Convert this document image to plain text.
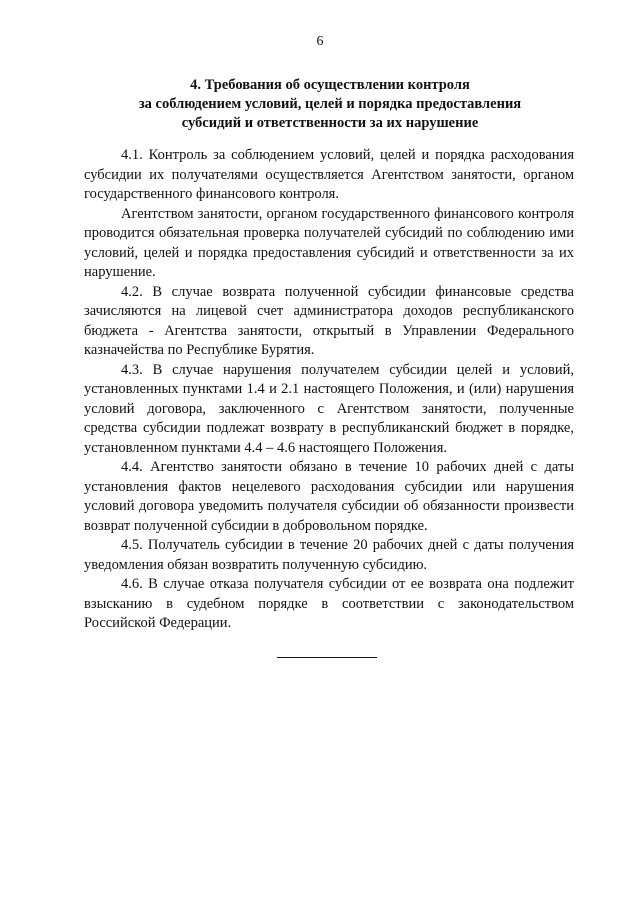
6
4. Требования об осуществлении контроля
за соблюдением условий, целей и порядка предоставления
субсидий и ответственности за их нарушение

4.1. Контроль за соблюдением условий, целей и порядка расходования субсидии их получателями осуществляется Агентством занятости, органом государственного финансового контроля.

Агентством занятости, органом государственного финансового контроля проводится обязательная проверка получателей субсидий по соблюдению ими условий, целей и порядка предоставления субсидий и ответственности за их нарушение.

4.2. В случае возврата полученной субсидии финансовые средства зачисляются на лицевой счет администратора доходов республиканского бюджета - Агентства занятости, открытый в Управлении Федерального казначейства по Республике Бурятия.

4.3. В случае нарушения получателем субсидии целей и условий, установленных пунктами 1.4 и 2.1 настоящего Положения, и (или) нарушения условий договора, заключенного с Агентством занятости, полученные средства субсидии подлежат возврату в республиканский бюджет в порядке, установленном пунктами 4.4 – 4.6 настоящего Положения.

4.4. Агентство занятости обязано в течение 10 рабочих дней с даты установления фактов нецелевого расходования субсидии или нарушения условий договора уведомить получателя субсидии об обязанности произвести возврат полученной субсидии в добровольном порядке.

4.5. Получатель субсидии в течение 20 рабочих дней с даты получения уведомления обязан возвратить полученную субсидию.

4.6. В случае отказа получателя субсидии от ее возврата она подлежит взысканию в судебном порядке в соответствии с законодательством Российской Федерации.
